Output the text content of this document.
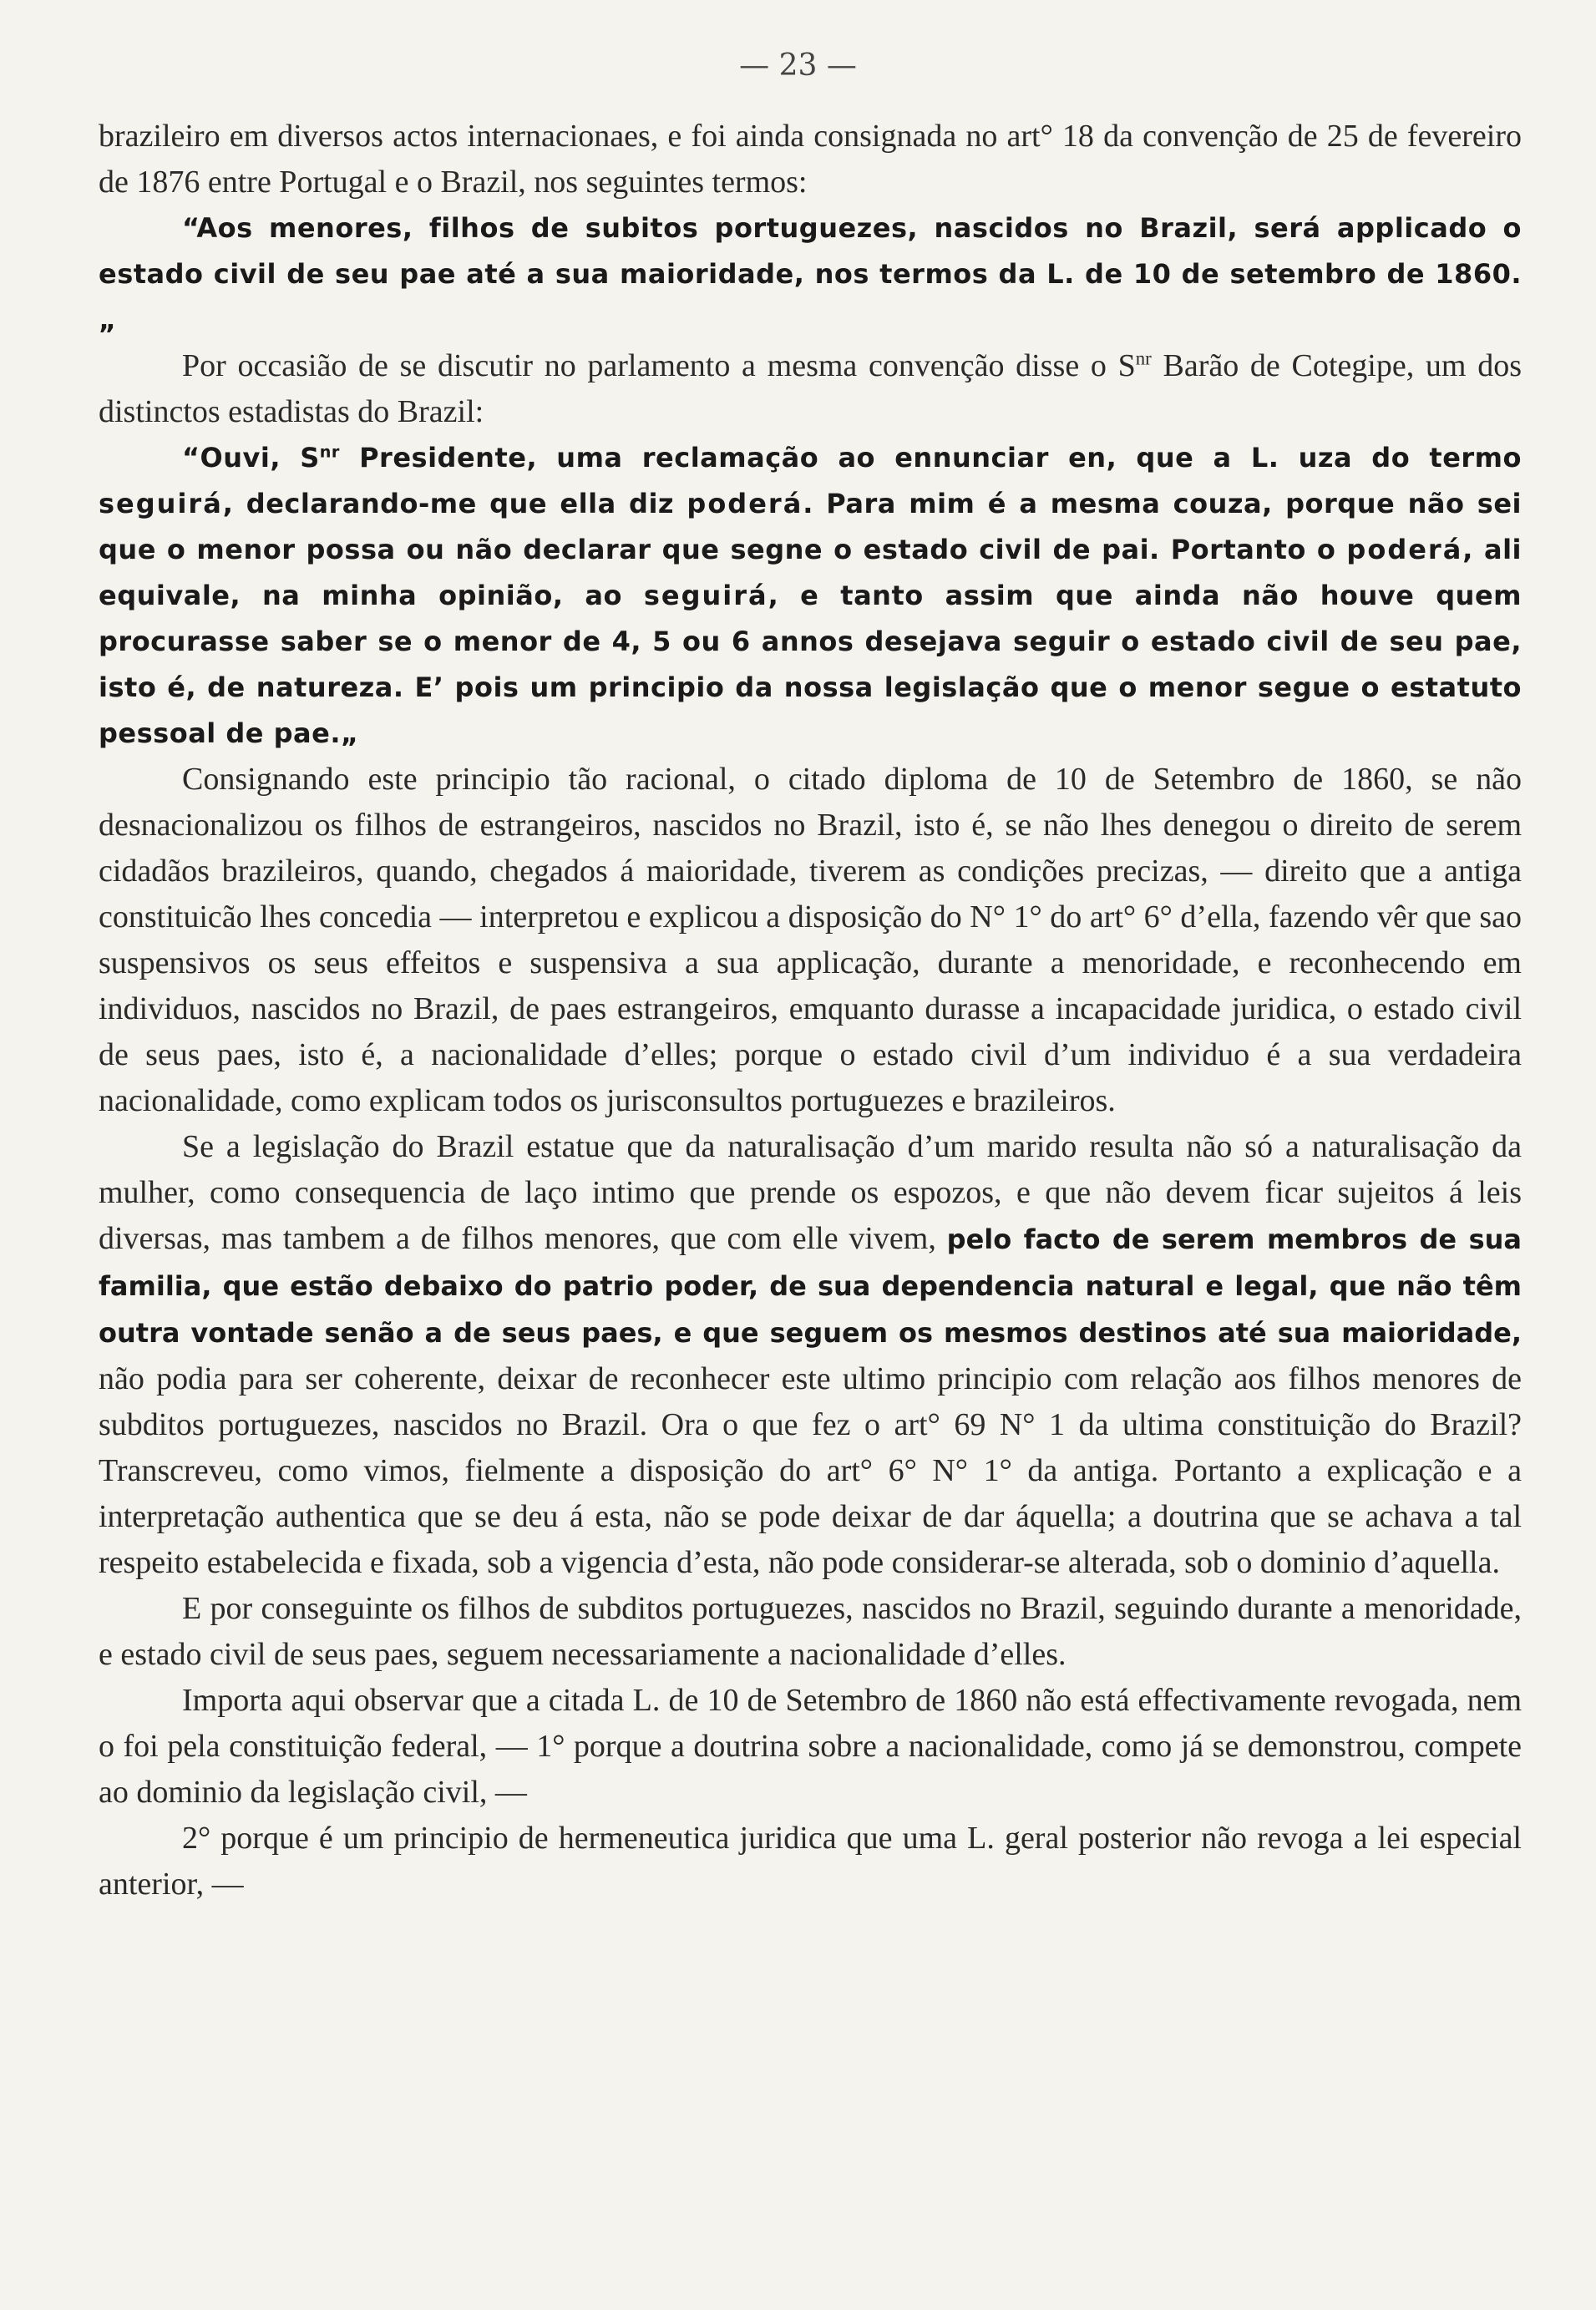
— 23 —

brazileiro em diversos actos internacionaes, e foi ainda consignada no art° 18 da convenção de 25 de fevereiro de 1876 entre Portugal e o Brazil, nos seguintes termos:

“Aos menores, filhos de subitos portuguezes, nascidos no Brazil, será applicado o estado civil de seu pae até a sua maioridade, nos termos da L. de 10 de setembro de 1860.„

Por occasião de se discutir no parlamento a mesma convenção disse o $S^{nr}$ Barão de Cotegipe, um dos distinctos estadistas do Brazil:

“Ouvi, $S^{nr}$ Presidente, uma reclamação ao ennunciar en, que a L. uza do termo seguirá, declarando-me que ella diz poderá. Para mim é a mesma couza, porque não sei que o menor possa ou não declarar que segne o estado civil de pai. Portanto o poderá, ali equivale, na minha opinião, ao seguirá, e tanto assim que ainda não houve quem procurasse saber se o menor de 4, 5 ou 6 annos desejava seguir o estado civil de seu pae, isto é, de natureza. E’ pois um principio da nossa legislação que o menor segue o estatuto pessoal de pae.„

Consignando este principio tão racional, o citado diploma de 10 de Setembro de 1860, se não desnacionalizou os filhos de estrangeiros, nascidos no Brazil, isto é, se não lhes denegou o direito de serem cidadãos brazileiros, quando, chegados á maioridade, tiverem as condições precizas, — direito que a antiga constituicão lhes concedia — interpretou e explicou a disposição do N° 1° do art° 6° d’ella, fazendo vêr que sao suspensivos os seus effeitos e suspensiva a sua applicação, durante a menoridade, e reconhecendo em individuos, nascidos no Brazil, de paes estrangeiros, emquanto durasse a incapacidade juridica, o estado civil de seus paes, isto é, a nacionalidade d’elles; porque o estado civil d’um individuo é a sua verdadeira nacionalidade, como explicam todos os jurisconsultos portuguezes e brazileiros.

Se a legislação do Brazil estatue que da naturalisação d’um marido resulta não só a naturalisação da mulher, como consequencia de laço intimo que prende os espozos, e que não devem ficar sujeitos á leis diversas, mas tambem a de filhos menores, que com elle vivem, pelo facto de serem membros de sua familia, que estão debaixo do patrio poder, de sua dependencia natural e legal, que não têm outra vontade senão a de seus paes, e que seguem os mesmos destinos até sua maioridade, não podia para ser coherente, deixar de reconhecer este ultimo principio com relação aos filhos menores de subditos portuguezes, nascidos no Brazil. Ora o que fez o art° 69 N° 1 da ultima constituição do Brazil? Transcreveu, como vimos, fielmente a disposição do art° 6° N° 1° da antiga. Portanto a explicação e a interpretação authentica que se deu á esta, não se pode deixar de dar áquella; a doutrina que se achava a tal respeito estabelecida e fixada, sob a vigencia d’esta, não pode considerar-se alterada, sob o dominio d’aquella.

E por conseguinte os filhos de subditos portuguezes, nascidos no Brazil, seguindo durante a menoridade, e estado civil de seus paes, seguem necessariamente a nacionalidade d’elles.

Importa aqui observar que a citada L. de 10 de Setembro de 1860 não está effectivamente revogada, nem o foi pela constituição federal, — 1° porque a doutrina sobre a nacionalidade, como já se demonstrou, compete ao dominio da legislação civil, —

2° porque é um principio de hermeneutica juridica que uma L. geral posterior não revoga a lei especial anterior, —
